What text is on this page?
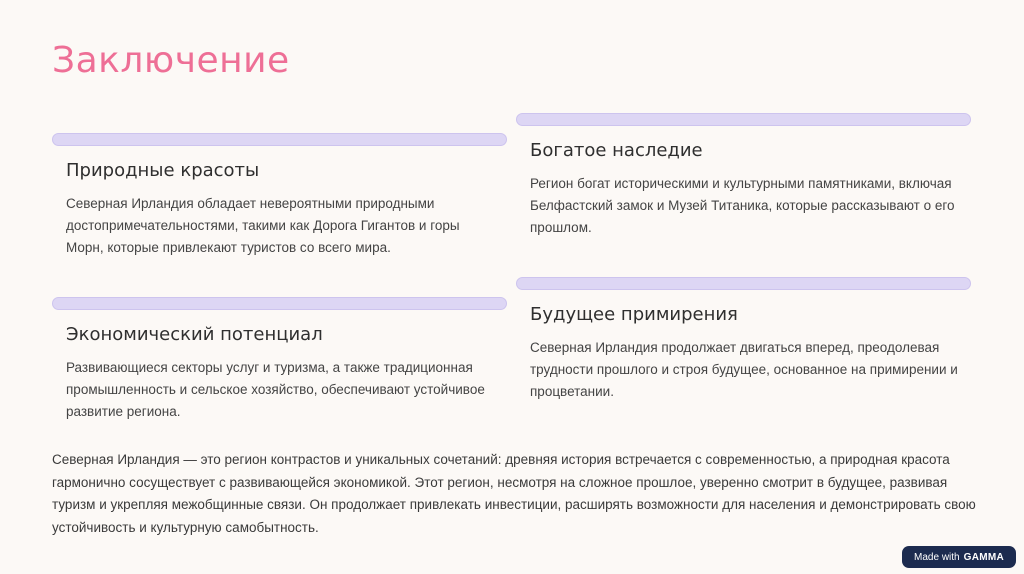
Заключение
Природные красоты
Северная Ирландия обладает невероятными природными достопримечательностями, такими как Дорога Гигантов и горы Морн, которые привлекают туристов со всего мира.
Богатое наследие
Регион богат историческими и культурными памятниками, включая Белфастский замок и Музей Титаника, которые рассказывают о его прошлом.
Экономический потенциал
Развивающиеся секторы услуг и туризма, а также традиционная промышленность и сельское хозяйство, обеспечивают устойчивое развитие региона.
Будущее примирения
Северная Ирландия продолжает двигаться вперед, преодолевая трудности прошлого и строя будущее, основанное на примирении и процветании.

Северная Ирландия — это регион контрастов и уникальных сочетаний: древняя история встречается с современностью, а природная красота гармонично сосуществует с развивающейся экономикой. Этот регион, несмотря на сложное прошлое, уверенно смотрит в будущее, развивая туризм и укрепляя межобщинные связи. Он продолжает привлекать инвестиции, расширять возможности для населения и демонстрировать свою устойчивость и культурную самобытность.

Made with GAMMA
